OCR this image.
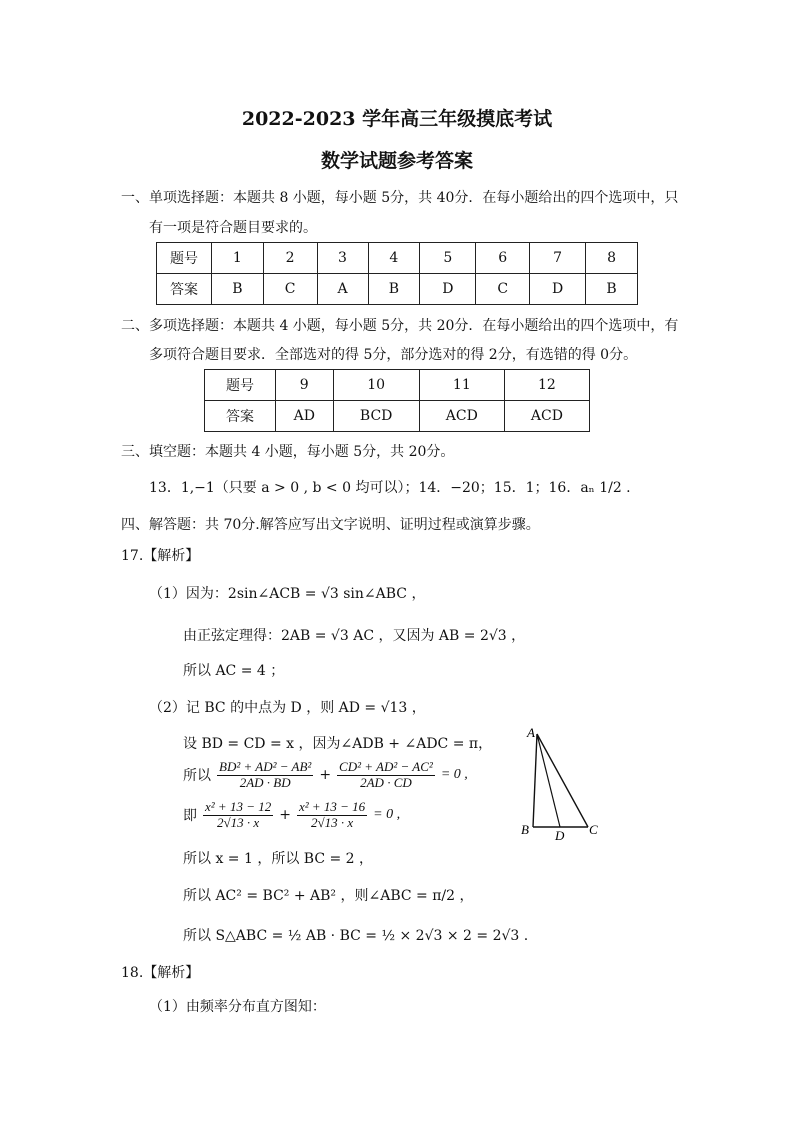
2022-2023 学年高三年级摸底考试
数学试题参考答案
一、单项选择题：本题共 8 小题，每小题 5分，共 40分．在每小题给出的四个选项中，只
有一项是符合题目要求的。
题号	1	2	3	4	5	6	7	8
答案	B	C	A	B	D	C	D	B
二、多项选择题：本题共 4 小题，每小题 5分，共 20分．在每小题给出的四个选项中，有
多项符合题目要求．全部选对的得 5分，部分选对的得 2分，有选错的得 0分。
题号	9	10	11	12
答案	AD	BCD	ACD	ACD
三、填空题：本题共 4 小题，每小题 5分，共 20分。
13．1,−1（只要 a > 0 , b < 0 均可以）；14．−20；15．1；16．aₙ 1/2 .
四、解答题：共 70分.解答应写出文字说明、证明过程或演算步骤。
17.【解析】
（1）因为：2sin∠ACB = √3 sin∠ABC ，
由正弦定理得：2AB = √3 AC ，又因为 AB = 2√3 ，
所以 AC = 4 ；
（2）记 BC 的中点为 D ，则 AD = √13 ，
设 BD = CD = x ，因为∠ADB + ∠ADC = π，
所以 $\frac{\text{BD² + AD² − AB²}}{2AD \cdot BD} + \frac{\text{CD² + AD² − AC²}}{2AD \cdot CD} = 0$ ,
即 $\frac{\text{x² + 13 − 12}}{2√13 \cdot x} + \frac{\text{x² + 13 − 16}}{2√13 \cdot x} = 0$ ,
所以 x = 1 ，所以 BC = 2 ，
所以 AC² = BC² + AB² ，则∠ABC = π/2 ，
所以 S△ABC = ½ AB · BC = ½ × 2√3 × 2 = 2√3 .
A
B D C
18.【解析】
（1）由频率分布直方图知：
